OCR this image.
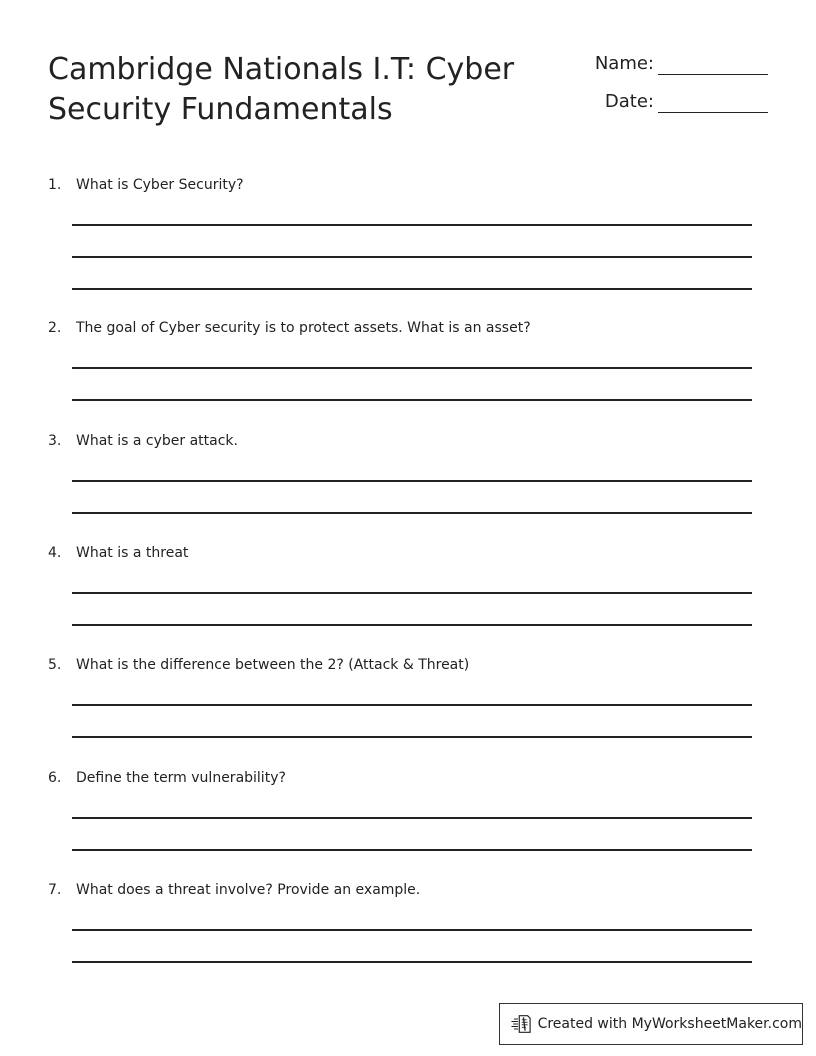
Cambridge Nationals I.T: Cyber
Security Fundamentals
Name:
Date:
1.	What is Cyber Security?
2.	The goal of Cyber security is to protect assets. What is an asset?
3.	What is a cyber attack.
4.	What is a threat
5.	What is the difference between the 2? (Attack & Threat)
6.	Define the term vulnerability?
7.	What does a threat involve? Provide an example.
Created with MyWorksheetMaker.com
